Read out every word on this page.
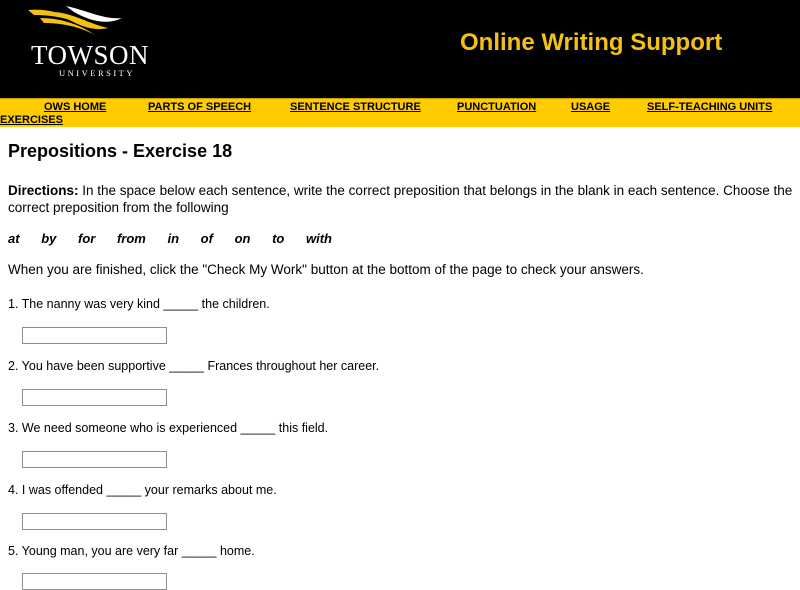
TOWSON
UNIVERSITY
Online Writing Support
OWS HOME	PARTS OF SPEECH	SENTENCE STRUCTURE	PUNCTUATION	USAGE	SELF-TEACHING UNITS
EXERCISES
Prepositions - Exercise 18
Directions: In the space below each sentence, write the correct preposition that belongs in the blank in each sentence. Choose the correct preposition from the following
at by for from in of on to with
When you are finished, click the "Check My Work" button at the bottom of the page to check your answers.
1. The nanny was very kind _____ the children.
2. You have been supportive _____ Frances throughout her career.
3. We need someone who is experienced _____ this field.
4. I was offended _____ your remarks about me.
5. Young man, you are very far _____ home.
